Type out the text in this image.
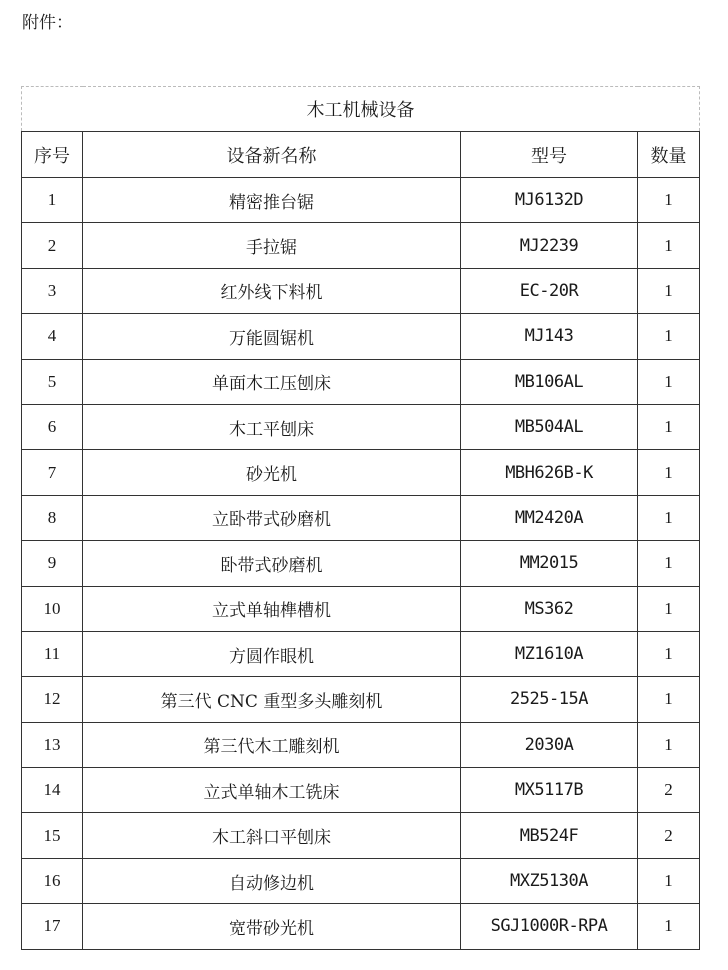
附件：
木工机械设备			
序号	设备新名称	型号	数量
1	精密推台锯	MJ6132D	1
2	手拉锯	MJ2239	1
3	红外线下料机	EC-20R	1
4	万能圆锯机	MJ143	1
5	单面木工压刨床	MB106AL	1
6	木工平刨床	MB504AL	1
7	砂光机	MBH626B-K	1
8	立卧带式砂磨机	MM2420A	1
9	卧带式砂磨机	MM2015	1
10	立式单轴榫槽机	MS362	1
11	方圆作眼机	MZ1610A	1
12	第三代 CNC 重型多头雕刻机	2525-15A	1
13	第三代木工雕刻机	2030A	1
14	立式单轴木工铣床	MX5117B	2
15	木工斜口平刨床	MB524F	2
16	自动修边机	MXZ5130A	1
17	宽带砂光机	SGJ1000R-RPA	1
